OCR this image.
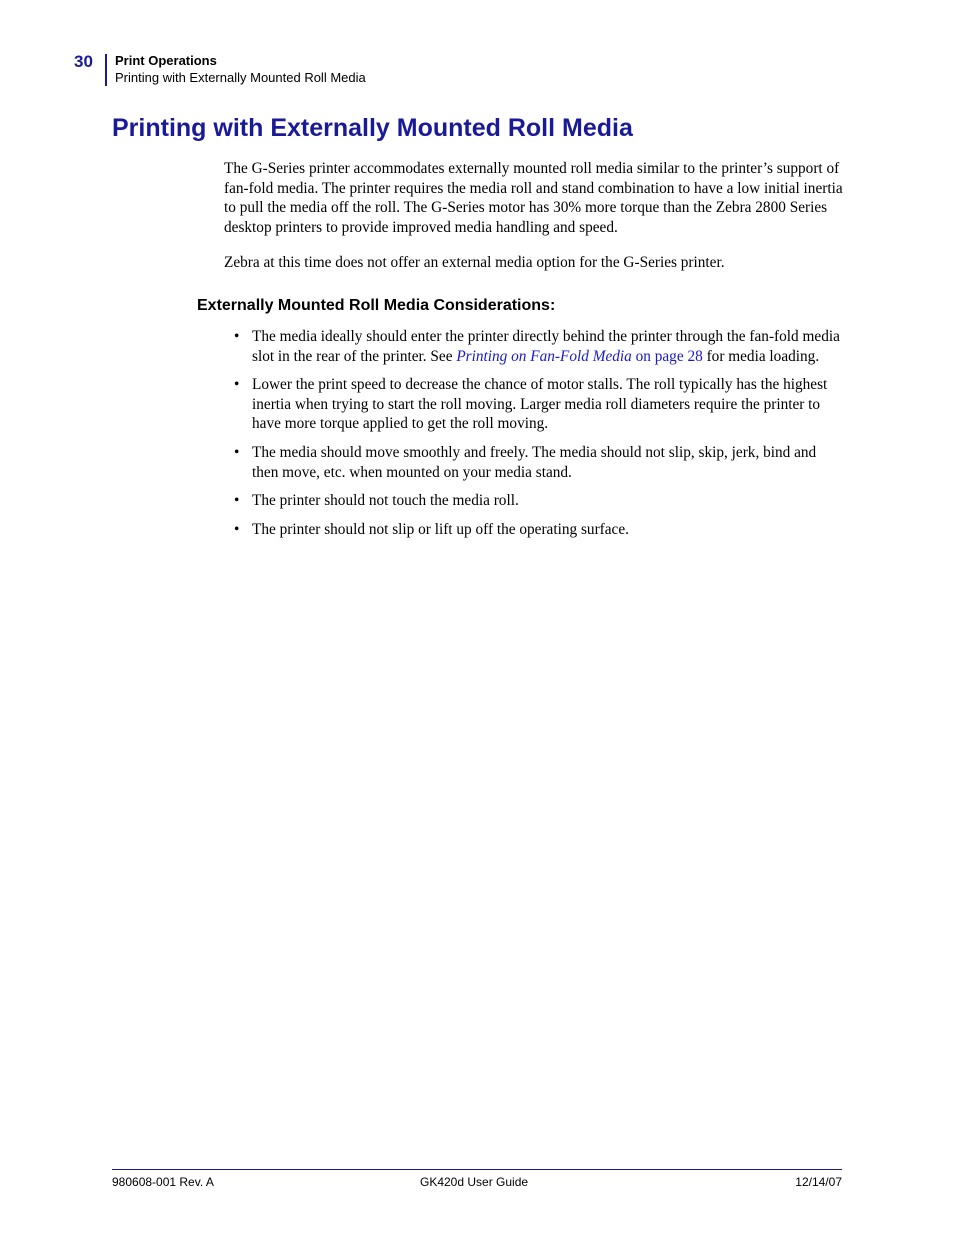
30	Print Operations
Printing with Externally Mounted Roll Media
Printing with Externally Mounted Roll Media

The G-Series printer accommodates externally mounted roll media similar to the printer’s support of fan-fold media. The printer requires the media roll and stand combination to have a low initial inertia to pull the media off the roll. The G-Series motor has 30% more torque than the Zebra 2800 Series desktop printers to provide improved media handling and speed.

Zebra at this time does not offer an external media option for the G-Series printer.

Externally Mounted Roll Media Considerations:
• The media ideally should enter the printer directly behind the printer through the fan-fold media slot in the rear of the printer. See Printing on Fan-Fold Media on page 28 for media loading.
• Lower the print speed to decrease the chance of motor stalls. The roll typically has the highest inertia when trying to start the roll moving. Larger media roll diameters require the printer to have more torque applied to get the roll moving.
• The media should move smoothly and freely. The media should not slip, skip, jerk, bind and then move, etc. when mounted on your media stand.
• The printer should not touch the media roll.
• The printer should not slip or lift up off the operating surface.
980608-001 Rev. A	GK420d User Guide	12/14/07
